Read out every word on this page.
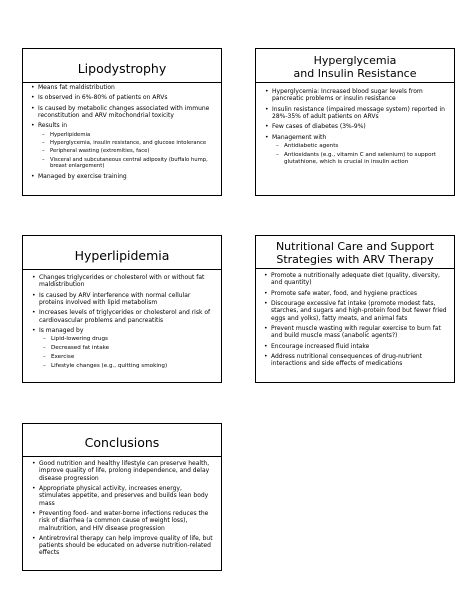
Lipodystrophy
• Means fat maldistribution
• Is observed in 6%-80% of patients on ARVs
• Is caused by metabolic changes associated with immune reconstitution and ARV mitochondrial toxicity
• Results in
– Hyperlipidemia
– Hyperglycemia, insulin resistance, and glucose intolerance
– Peripheral wasting (extremities, face)
– Visceral and subcutaneous central adiposity (buffalo hump, breast enlargement)
• Managed by exercise training
Hyperglycemia
and Insulin Resistance
• Hyperglycemia: Increased blood sugar levels from pancreatic problems or insulin resistance
• Insulin resistance (impaired message system) reported in 28%-35% of adult patients on ARVs
• Few cases of diabetes (3%-9%)
• Management with
– Antidiabetic agents
– Antioxidants (e.g., vitamin C and selenium) to support glutathione, which is crucial in insulin action
Hyperlipidemia
• Changes triglycerides or cholesterol with or without fat maldistribution
• Is caused by ARV interference with normal cellular proteins involved with lipid metabolism
• Increases levels of triglycerides or cholesterol and risk of cardiovascular problems and pancreatitis
• Is managed by
– Lipid-lowering drugs
– Decreased fat intake
– Exercise
– Lifestyle changes (e.g., quitting smoking)
Nutritional Care and Support
Strategies with ARV Therapy
• Promote a nutritionally adequate diet (quality, diversity, and quantity)
• Promote safe water, food, and hygiene practices
• Discourage excessive fat intake (promote modest fats, starches, and sugars and high-protein food but fewer fried eggs and yolks), fatty meats, and animal fats
• Prevent muscle wasting with regular exercise to burn fat and build muscle mass (anabolic agents?)
• Encourage increased fluid intake
• Address nutritional consequences of drug-nutrient interactions and side effects of medications
Conclusions
• Good nutrition and healthy lifestyle can preserve health, improve quality of life, prolong independence, and delay disease progression
• Appropriate physical activity, increases energy, stimulates appetite, and preserves and builds lean body mass
• Preventing food- and water-borne infections reduces the risk of diarrhea (a common cause of weight loss), malnutrition, and HIV disease progression
• Antiretroviral therapy can help improve quality of life, but patients should be educated on adverse nutrition-related effects
